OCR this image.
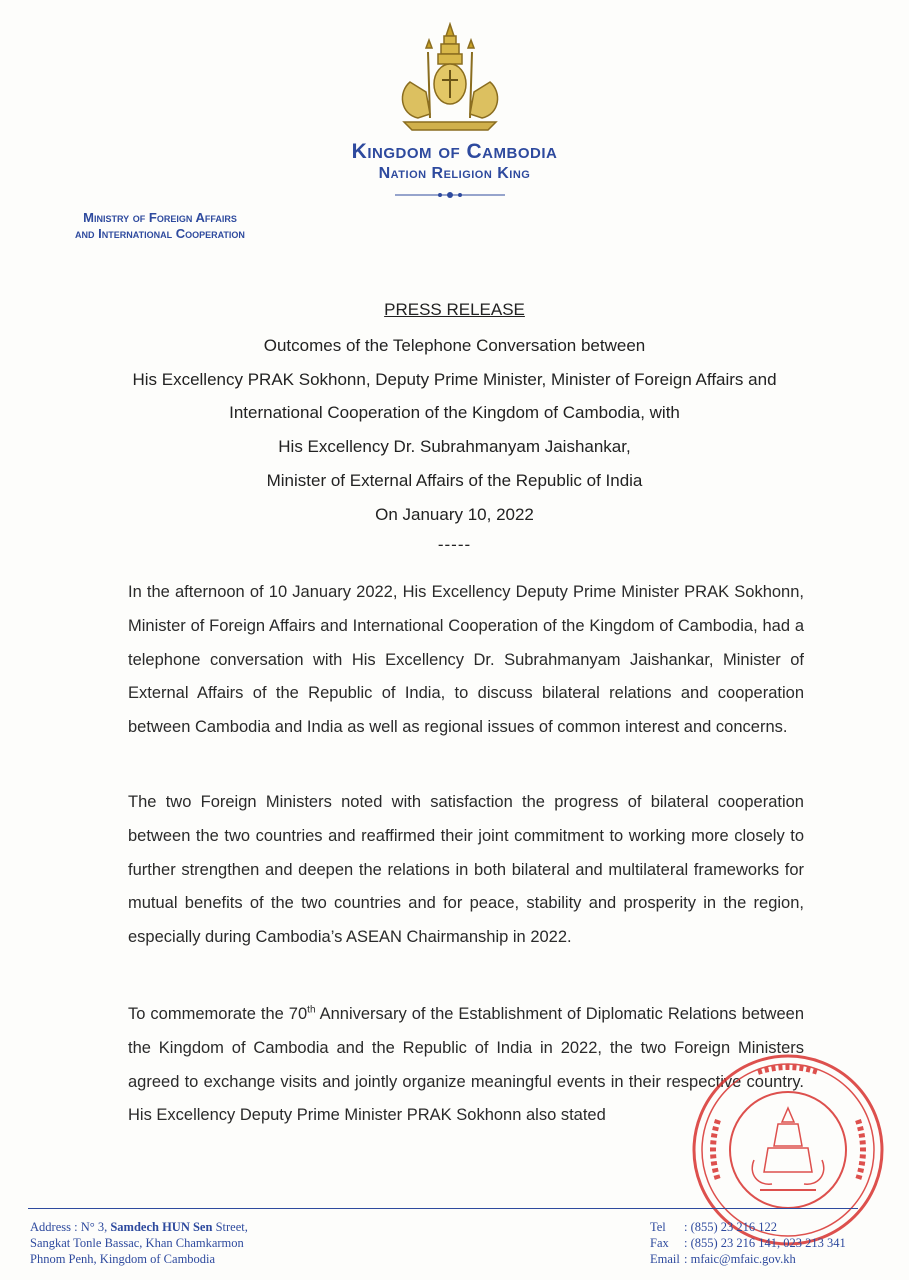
Kingdom of Cambodia
Nation Religion King
Ministry of Foreign Affairs
and International Cooperation
PRESS RELEASE
Outcomes of the Telephone Conversation between
His Excellency PRAK Sokhonn, Deputy Prime Minister, Minister of Foreign Affairs and
International Cooperation of the Kingdom of Cambodia, with
His Excellency Dr. Subrahmanyam Jaishankar,
Minister of External Affairs of the Republic of India
On January 10, 2022
-----
In the afternoon of 10 January 2022, His Excellency Deputy Prime Minister PRAK Sokhonn, Minister of Foreign Affairs and International Cooperation of the Kingdom of Cambodia, had a telephone conversation with His Excellency Dr. Subrahmanyam Jaishankar, Minister of External Affairs of the Republic of India, to discuss bilateral relations and cooperation between Cambodia and India as well as regional issues of common interest and concerns.
The two Foreign Ministers noted with satisfaction the progress of bilateral cooperation between the two countries and reaffirmed their joint commitment to working more closely to further strengthen and deepen the relations in both bilateral and multilateral frameworks for mutual benefits of the two countries and for peace, stability and prosperity in the region, especially during Cambodia’s ASEAN Chairmanship in 2022.
To commemorate the 70th Anniversary of the Establishment of Diplomatic Relations between the Kingdom of Cambodia and the Republic of India in 2022, the two Foreign Ministers agreed to exchange visits and jointly organize meaningful events in their respective country. His Excellency Deputy Prime Minister PRAK Sokhonn also stated
Address : N° 3, Samdech HUN Sen Street,
Sangkat Tonle Bassac, Khan Chamkarmon
Phnom Penh, Kingdom of Cambodia
Tel : (855) 23 216 122
Fax : (855) 23 216 141, 023 213 341
Email : mfaic@mfaic.gov.kh
